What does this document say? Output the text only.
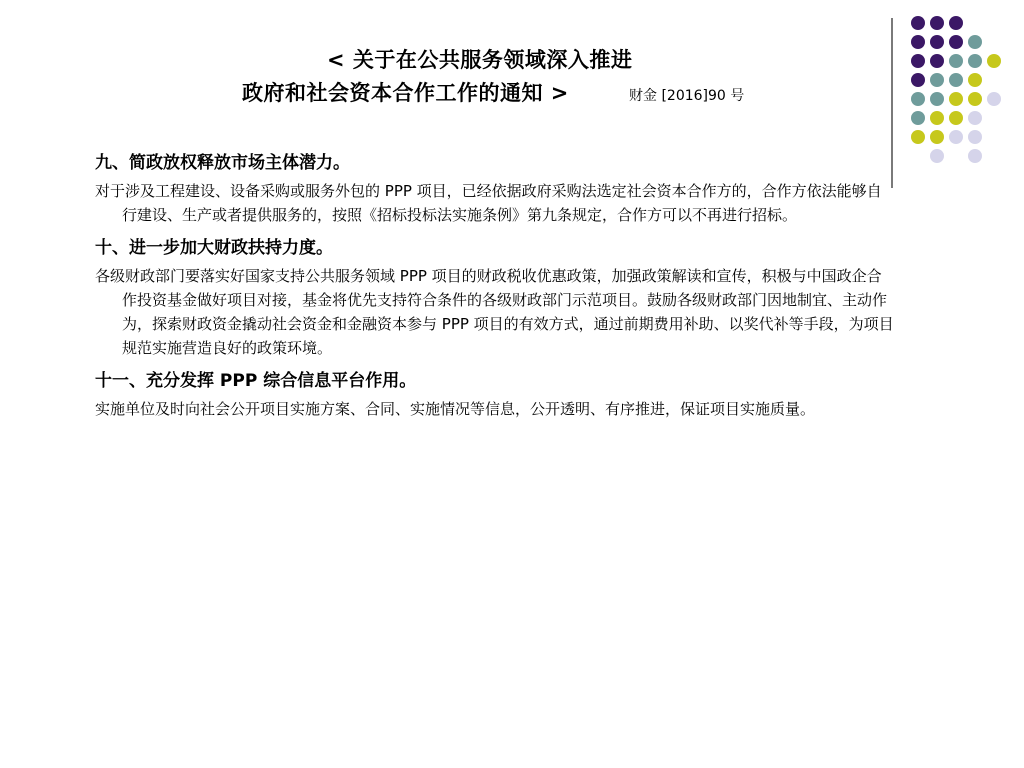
< 关于在公共服务领域深入推进
政府和社会资本合作工作的通知 >	财金 [2016]90 号
九、简政放权释放市场主体潜力。
对于涉及工程建设、设备采购或服务外包的 PPP 项目，已经依据政府采购法选定社会资本合作方的，合作方依法能够自行建设、生产或者提供服务的，按照《招标投标法实施条例》第九条规定，合作方可以不再进行招标。
十、进一步加大财政扶持力度。
各级财政部门要落实好国家支持公共服务领域 PPP 项目的财政税收优惠政策，加强政策解读和宣传，积极与中国政企合作投资基金做好项目对接，基金将优先支持符合条件的各级财政部门示范项目。鼓励各级财政部门因地制宜、主动作为，探索财政资金撬动社会资金和金融资本参与 PPP 项目的有效方式，通过前期费用补助、以奖代补等手段，为项目规范实施营造良好的政策环境。
十一、充分发挥 PPP 综合信息平台作用。
实施单位及时向社会公开项目实施方案、合同、实施情况等信息，公开透明、有序推进，保证项目实施质量。
